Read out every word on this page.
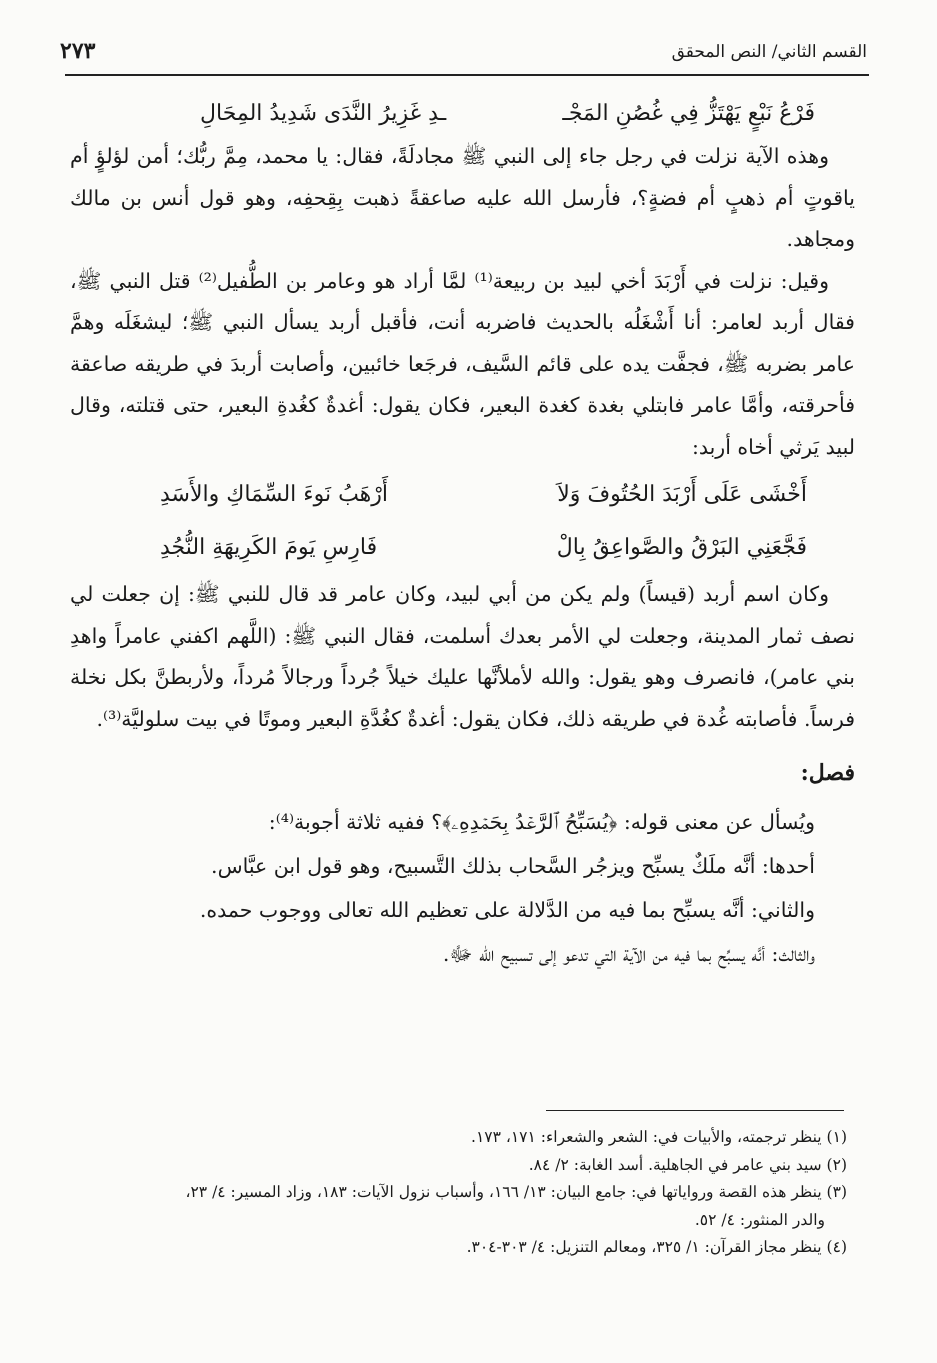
٢٧٣	القسم الثاني/ النص المحقق
فَرْعُ نَبْعٍ يَهْتَزُّ فِي غُصُنِ المَجْـ
ـدِ غَزِيرُ النَّدَى شَدِيدُ المِحَالِ

وهذه الآية نزلت في رجل جاء إلى النبي ﷺ مجادلَةً، فقال: يا محمد، مِمَّ ربُّك؛ أمن لؤلؤٍ أم ياقوتٍ أم ذهبٍ أم فضةٍ؟، فأرسل الله عليه صاعقةً ذهبت بِقِحفِه، وهو قول أنس بن مالك ومجاهد.

وقيل: نزلت في أَرْبَدَ أخي لبيد بن ربيعة⁽¹⁾ لمَّا أراد هو وعامر بن الطُّفيل⁽²⁾ قتل النبي ﷺ، فقال أربد لعامر: أنا أَشْغَلُه بالحديث فاضربه أنت، فأقبل أربد يسأل النبي ﷺ؛ ليشغَلَه وهمَّ عامر بضربه ﷺ، فجفَّت يده على قائم السَّيف، فرجَعا خائبين، وأصابت أربدَ في طريقه صاعقة فأحرقته، وأمَّا عامر فابتلي بغدة كغدة البعير، فكان يقول: أغدةٌ كغُدةِ البعير، حتى قتلته، وقال لبيد يَرثي أخاه أربد:

أَخْشَى عَلَى أَرْبَدَ الحُتُوفَ وَلاَ
أَرْهَبُ نَوءَ السِّمَاكِ والأَسَدِ
فَجَّعَنِي البَرْقُ والصَّواعِقُ بِالْ
فَارِسِ يَومَ الكَرِيهَةِ النُّجُدِ

وكان اسم أربد (قيساً) ولم يكن من أبي لبيد، وكان عامر قد قال للنبي ﷺ: إن جعلت لي نصف ثمار المدينة، وجعلت لي الأمر بعدك أسلمت، فقال النبي ﷺ: (اللَّهم اكفني عامراً واهدِ بني عامر)، فانصرف وهو يقول: والله لأملأنَّها عليك خيلاً جُرداً ورجالاً مُرداً، ولأربطنَّ بكل نخلة فرساً. فأصابته غُدة في طريقه ذلك، فكان يقول: أغدةٌ كغُدَّةِ البعير وموتًا في بيت سلوليَّة⁽³⁾.

فصل:

ويُسأل عن معنى قوله: ﴿يُسَبِّحُ ٱلرَّعۡدُ بِحَمۡدِهِۦ﴾؟ ففيه ثلاثة أجوبة⁽⁴⁾:

أحدها: أنَّه ملَكٌ يسبِّح ويزجُر السَّحاب بذلك التَّسبيح، وهو قول ابن عبَّاس.

والثاني: أنَّه يسبِّح بما فيه من الدَّلالة على تعظيم الله تعالى ووجوب حمده.

والثالث: أنَّه يسبِّح بما فيه من الآية التي تدعو إلى تسبيح الله ﷻ.

(١) ينظر ترجمته، والأبيات في: الشعر والشعراء: ١٧١، ١٧٣.
(٢) سيد بني عامر في الجاهلية. أسد الغابة: ٢/ ٨٤.
(٣) ينظر هذه القصة ورواياتها في: جامع البيان: ١٣/ ١٦٦، وأسباب نزول الآيات: ١٨٣، وزاد المسير: ٤/ ٢٣،
والدر المنثور: ٤/ ٥٢.
(٤) ينظر مجاز القرآن: ١/ ٣٢٥، ومعالم التنزيل: ٤/ ٣٠٣-٣٠٤.
